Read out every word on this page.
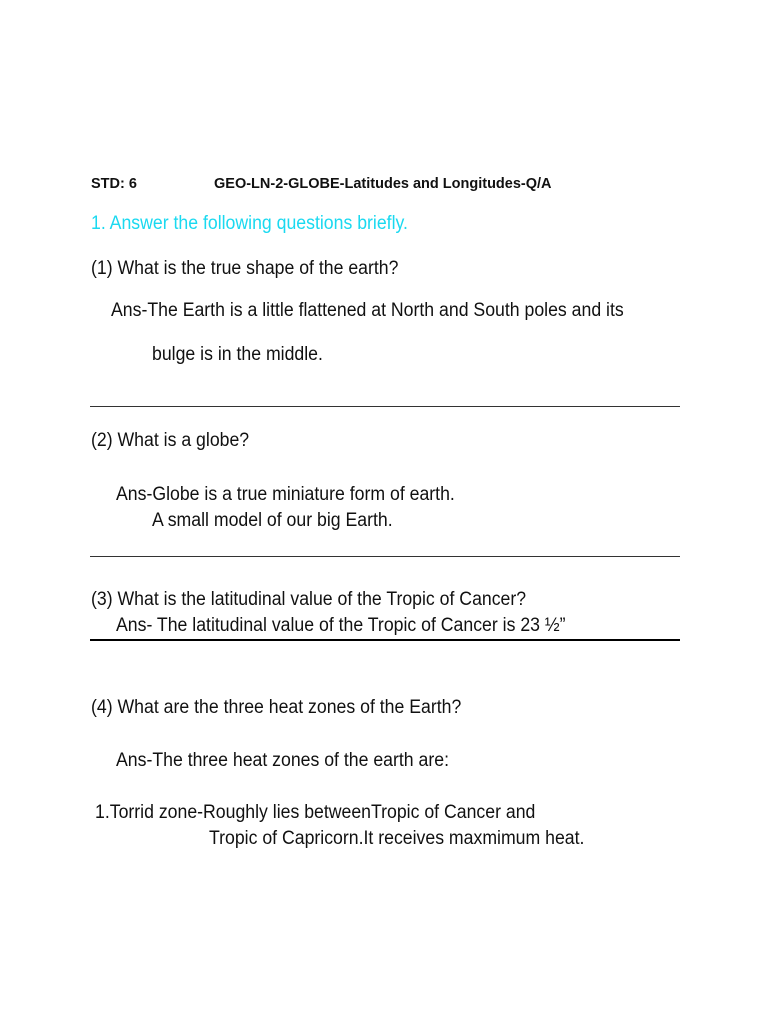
STD: 6	GEO-LN-2-GLOBE-Latitudes and Longitudes-Q/A
1. Answer the following questions briefly.
(1) What is the true shape of the earth?
Ans-The Earth is a little flattened at North and South poles and its
bulge is in the middle.
(2) What is a globe?
Ans-Globe is a true miniature form of earth.
A small model of our big Earth.
(3) What is the latitudinal value of the Tropic of Cancer?
Ans- The latitudinal value of the Tropic of Cancer is 23 ½”
(4) What are the three heat zones of the Earth?
Ans-The three heat zones of the earth are:
1.Torrid zone-Roughly lies betweenTropic of Cancer and
Tropic of Capricorn.It receives maxmimum heat.
